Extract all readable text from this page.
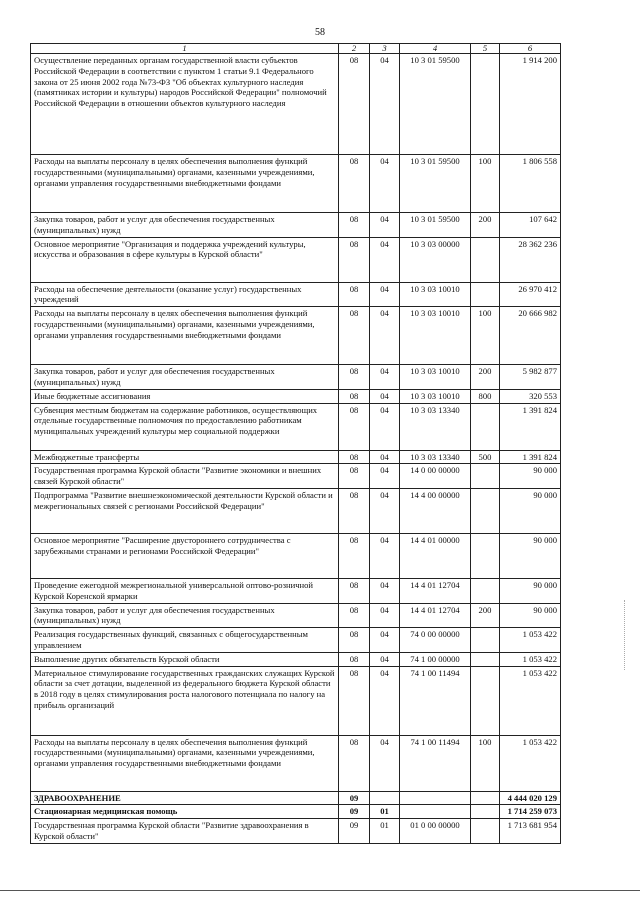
58
1	2	3	4	5	6
Осуществление переданных органам государственной власти субъектов Российской Федерации в соответствии с пунктом 1 статьи 9.1 Федерального закона от 25 июня 2002 года №73-ФЗ "Об объектах культурного наследия (памятниках истории и культуры) народов Российской Федерации" полномочий Российской Федерации в отношении объектов культурного наследия	08	04	10 3 01 59500		1 914 200
Расходы на выплаты персоналу в целях обеспечения выполнения функций государственными (муниципальными) органами, казенными учреждениями, органами управления государственными внебюджетными фондами	08	04	10 3 01 59500	100	1 806 558
Закупка товаров, работ и услуг для обеспечения государственных (муниципальных) нужд	08	04	10 3 01 59500	200	107 642
Основное мероприятие "Организация и поддержка учреждений культуры, искусства и образования в сфере культуры в Курской области"	08	04	10 3 03 00000		28 362 236
Расходы на обеспечение деятельности (оказание услуг) государственных учреждений	08	04	10 3 03 10010		26 970 412
Расходы на выплаты персоналу в целях обеспечения выполнения функций государственными (муниципальными) органами, казенными учреждениями, органами управления государственными внебюджетными фондами	08	04	10 3 03 10010	100	20 666 982
Закупка товаров, работ и услуг для обеспечения государственных (муниципальных) нужд	08	04	10 3 03 10010	200	5 982 877
Иные бюджетные ассигнования	08	04	10 3 03 10010	800	320 553
Субвенция местным бюджетам на содержание работников, осуществляющих отдельные государственные полномочия по предоставлению работникам муниципальных учреждений культуры мер социальной поддержки	08	04	10 3 03 13340		1 391 824
Межбюджетные трансферты	08	04	10 3 03 13340	500	1 391 824
Государственная программа Курской области "Развитие экономики и внешних связей Курской области"	08	04	14 0 00 00000		90 000
Подпрограмма "Развитие внешнеэкономической деятельности Курской области и межрегиональных связей с регионами Российской Федерации"	08	04	14 4 00 00000		90 000
Основное мероприятие "Расширение двустороннего сотрудничества с зарубежными странами и регионами Российской Федерации"	08	04	14 4 01 00000		90 000
Проведение ежегодной межрегиональной универсальной оптово-розничной Курской Коренской ярмарки	08	04	14 4 01 12704		90 000
Закупка товаров, работ и услуг для обеспечения государственных (муниципальных) нужд	08	04	14 4 01 12704	200	90 000
Реализация государственных функций, связанных с общегосударственным управлением	08	04	74 0 00 00000		1 053 422
Выполнение других обязательств Курской области	08	04	74 1 00 00000		1 053 422
Материальное стимулирование государственных гражданских служащих Курской области за счет дотации, выделенной из федерального бюджета Курской области в 2018 году в целях стимулирования роста налогового потенциала по налогу на прибыль организаций	08	04	74 1 00 11494		1 053 422
Расходы на выплаты персоналу в целях обеспечения выполнения функций государственными (муниципальными) органами, казенными учреждениями, органами управления государственными внебюджетными фондами	08	04	74 1 00 11494	100	1 053 422
ЗДРАВООХРАНЕНИЕ	09				4 444 020 129
Стационарная медицинская помощь	09	01			1 714 259 073
Государственная программа Курской области "Развитие здравоохранения в Курской области"	09	01	01 0 00 00000		1 713 681 954
